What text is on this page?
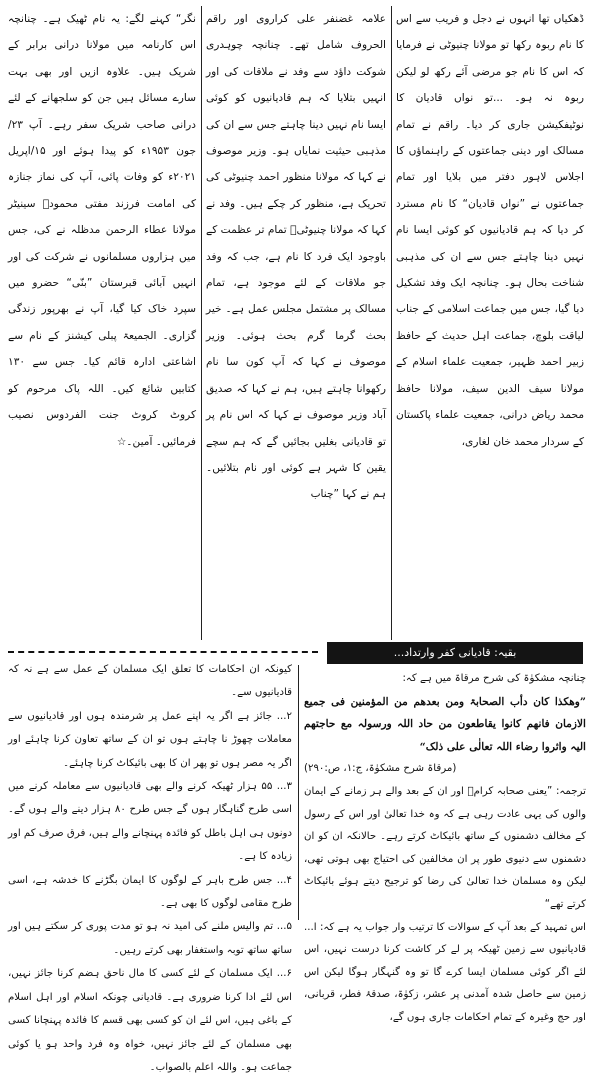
ڈھکیاں تھا انہوں نے دجل و فریب سے اس کا نام ربوہ رکھا تو مولانا چنیوٹی نے فرمایا کہ اس کا نام جو مرضی آئے رکھ لو لیکن ربوہ نہ ہو۔ ...تو نواں قادیان کا نوٹیفکیشن جاری کر دیا۔ راقم نے تمام مسالک اور دینی جماعتوں کے راہنماؤں کا اجلاس لاہور دفتر میں بلایا اور تمام جماعتوں نے ”نواں قادیان“ کا نام مسترد کر دیا کہ ہم قادیانیوں کو کوئی ایسا نام نہیں دینا چاہتے جس سے ان کی مذہبی شناخت بحال ہو۔ چنانچہ ایک وفد تشکیل دیا گیا، جس میں جماعت اسلامی کے جناب لیاقت بلوچ، جماعت اہل حدیث کے حافظ زبیر احمد ظہیر، جمعیت علماء اسلام کے مولانا سیف الدین سیف، مولانا حافظ محمد ریاض درانی، جمعیت علماء پاکستان کے سردار محمد خان لغاری،

علامہ غضنفر علی کراروی اور راقم الحروف شامل تھے۔ چنانچہ چوہدری شوکت داؤد سے وفد نے ملاقات کی اور انہیں بتلایا کہ ہم قادیانیوں کو کوئی ایسا نام نہیں دینا چاہتے جس سے ان کی مذہبی حیثیت نمایاں ہو۔ وزیر موصوف نے کہا کہ مولانا منظور احمد چنیوٹی کی تحریک ہے، منظور کر چکے ہیں۔ وفد نے کہا کہ مولانا چنیوٹیؒ تمام تر عظمت کے باوجود ایک فرد کا نام ہے، جب کہ وفد جو ملاقات کے لئے موجود ہے، تمام مسالک پر مشتمل مجلس عمل ہے۔ خیر بحث گرما گرم بحث ہوئی۔ وزیر موصوف نے کہا کہ آپ کون سا نام رکھوانا چاہتے ہیں، ہم نے کہا کہ صدیق آباد وزیر موصوف نے کہا کہ اس نام پر تو قادیانی بغلیں بجائیں گے کہ ہم سچے یقین کا شہر ہے کوئی اور نام بتلائیں۔ ہم نے کہا ”چناب

نگر“ کہنے لگے: یہ نام ٹھیک ہے۔ چنانچہ اس کارنامہ میں مولانا درانی برابر کے شریک ہیں۔ علاوہ ازیں اور بھی بہت سارے مسائل ہیں جن کو سلجھانے کے لئے درانی صاحب شریک سفر رہے۔ آپ ۲۳/جون ۱۹۵۳ء کو پیدا ہوئے اور ۱۵/اپریل ۲۰۲۱ء کو وفات پائی، آپ کی نماز جنازہ کی امامت فرزند مفتی محمودؒ سینیٹر مولانا عطاء الرحمن مدظلہ نے کی، جس میں ہزاروں مسلمانوں نے شرکت کی اور انہیں آبائی قبرستان ”بنّی“ حضرو میں سپرد خاک کیا گیا، آپ نے بھرپور زندگی گزاری۔ الجمیعۃ پبلی کیشنز کے نام سے اشاعتی ادارہ قائم کیا۔ جس سے ۱۳۰ کتابیں شائع کیں۔ اللہ پاک مرحوم کو کروٹ کروٹ جنت الفردوس نصیب فرمائیں۔ آمین۔☆

بقیہ: قادیانی کفر وارتداد...

چنانچہ مشکوٰۃ کی شرح مرقاۃ میں ہے کہ:

”وھکذا کان دأب الصحابۃ ومن بعدھم من المؤمنین فی جمیع الازمان فانھم کانوا یقاطعون من حاد اللہ ورسولہ مع حاجتھم الیہ واثروا رضاء اللہ تعالٰی علی ذلک“

(مرقاۃ شرح مشکوٰۃ، ج:۱، ص:۲۹۰)

ترجمہ: ”یعنی صحابہ کرامؓ اور ان کے بعد والے ہر زمانے کے ایمان والوں کی یہی عادت رہی ہے کہ وہ خدا تعالیٰ اور اس کے رسول کے مخالف دشمنوں کے ساتھ بائیکاٹ کرتے رہے۔ حالانکہ ان کو ان دشمنوں سے دنیوی طور پر ان مخالفین کی احتیاج بھی ہوتی تھی، لیکن وہ مسلمان خدا تعالیٰ کی رضا کو ترجیح دیتے ہوئے بائیکاٹ کرتے تھے“

اس تمہید کے بعد آپ کے سوالات کا ترتیب وار جواب یہ ہے کہ: ا... قادیانیوں سے زمین ٹھیکہ پر لے کر کاشت کرنا درست نہیں، اس لئے اگر کوئی مسلمان ایسا کرے گا تو وہ گنہگار ہوگا لیکن اس زمین سے حاصل شدہ آمدنی پر عشر، زکوٰۃ، صدقۂ فطر، قربانی، اور حج وغیرہ کے تمام احکامات جاری ہوں گے،

کیونکہ ان احکامات کا تعلق ایک مسلمان کے عمل سے ہے نہ کہ قادیانیوں سے۔

۲... جائز ہے اگر یہ اپنے عمل پر شرمندہ ہوں اور قادیانیوں سے معاملات چھوڑ نا چاہتے ہوں تو ان کے ساتھ تعاون کرنا چاہئے اور اگر یہ مصر ہوں تو پھر ان کا بھی بائیکاٹ کرنا چاہئے۔

۳... ۵۵ ہزار ٹھیکہ کرنے والے بھی قادیانیوں سے معاملہ کرنے میں اسی طرح گناہگار ہوں گے جس طرح ۸۰ ہزار دینے والے ہوں گے۔ دونوں ہی اہل باطل کو فائدہ پہنچانے والے ہیں، فرق صرف کم اور زیادہ کا ہے۔

۴... جس طرح باہر کے لوگوں کا ایمان بگڑنے کا خدشہ ہے، اسی طرح مقامی لوگوں کا بھی ہے۔

۵... تم والیس ملنے کی امید نہ ہو تو مدت پوری کر سکتے ہیں اور ساتھ ساتھ توبہ واستغفار بھی کرتے رہیں۔

۶... ایک مسلمان کے لئے کسی کا مال ناحق ہضم کرنا جائز نہیں، اس لئے ادا کرنا ضروری ہے۔ قادیانی چونکہ اسلام اور اہل اسلام کے باغی ہیں، اس لئے ان کو کسی بھی قسم کا فائدہ پہنچانا کسی بھی مسلمان کے لئے جائز نہیں، خواہ وہ فرد واحد ہو یا کوئی جماعت ہو۔ واللہ اعلم بالصواب۔
